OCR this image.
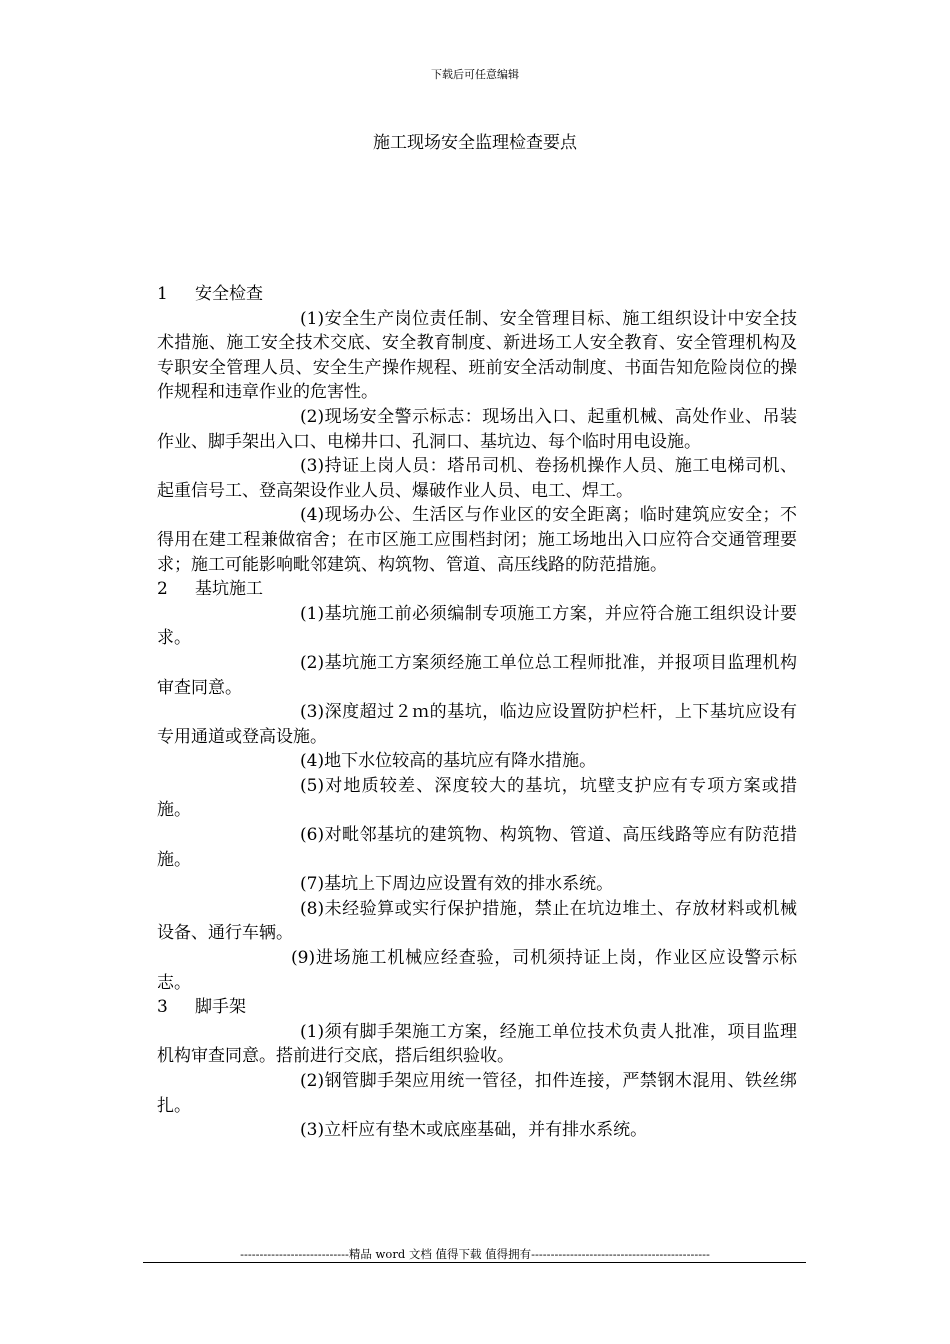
下载后可任意编辑
施工现场安全监理检查要点
1	安全检查

(1)安全生产岗位责任制、安全管理目标、施工组织设计中安全技术措施、施工安全技术交底、安全教育制度、新进场工人安全教育、安全管理机构及专职安全管理人员、安全生产操作规程、班前安全活动制度、书面告知危险岗位的操作规程和违章作业的危害性。

(2)现场安全警示标志：现场出入口、起重机械、高处作业、吊装作业、脚手架出入口、电梯井口、孔洞口、基坑边、每个临时用电设施。

(3)持证上岗人员：塔吊司机、卷扬机操作人员、施工电梯司机、起重信号工、登高架设作业人员、爆破作业人员、电工、焊工。

(4)现场办公、生活区与作业区的安全距离；临时建筑应安全；不得用在建工程兼做宿舍；在市区施工应围档封闭；施工场地出入口应符合交通管理要求；施工可能影响毗邻建筑、构筑物、管道、高压线路的防范措施。

2	基坑施工

(1)基坑施工前必须编制专项施工方案，并应符合施工组织设计要求。

(2)基坑施工方案须经施工单位总工程师批准，并报项目监理机构审查同意。

(3)深度超过２ｍ的基坑，临边应设置防护栏杆，上下基坑应设有专用通道或登高设施。

(4)地下水位较高的基坑应有降水措施。

(5)对地质较差、深度较大的基坑，坑壁支护应有专项方案或措施。

(6)对毗邻基坑的建筑物、构筑物、管道、高压线路等应有防范措施。

(7)基坑上下周边应设置有效的排水系统。

(8)未经验算或实行保护措施，禁止在坑边堆土、存放材料或机械设备、通行车辆。

(9)进场施工机械应经查验，司机须持证上岗，作业区应设警示标志。

3	脚手架

(1)须有脚手架施工方案，经施工单位技术负责人批准，项目监理机构审查同意。搭前进行交底，搭后组织验收。

(2)钢管脚手架应用统一管径，扣件连接，严禁钢木混用、铁丝绑扎。

(3)立杆应有垫木或底座基础，并有排水系统。

----------------------------精品 word 文档 值得下载 值得拥有----------------------------------------------
